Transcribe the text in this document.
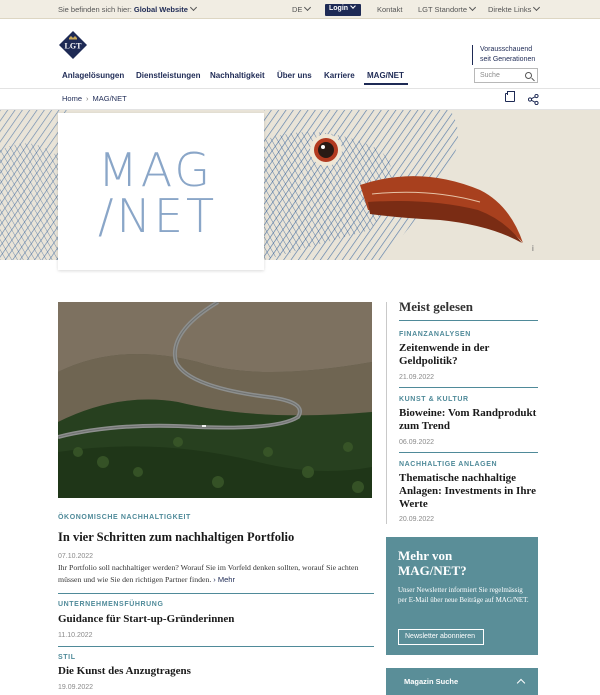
Sie befinden sich hier: Global Website	DE	Login	Kontakt LGT Standorte	Direkte Links
LGT	Vorausschauend
seit Generationen
Anlagelösungen Dienstleistungen Nachhaltigkeit Über uns Karriere MAG/NET	Suche
Home › MAG/NET
i
MAG
/NET
ÖKONOMISCHE NACHHALTIGKEIT
In vier Schritten zum nachhaltigen Portfolio
07.10.2022
Ihr Portfolio soll nachhaltiger werden? Worauf Sie im Vorfeld denken sollten, worauf Sie achten müssen und wie Sie den richtigen Partner finden. › Mehr
UNTERNEHMENSFÜHRUNG
Guidance für Start-up-Gründerinnen
11.10.2022
STIL
Die Kunst des Anzugtragens
19.09.2022
Meist gelesen
FINANZANALYSEN
Zeitenwende in der Geldpolitik?
21.09.2022
KUNST & KULTUR
Bioweine: Vom Randprodukt zum Trend
06.09.2022
NACHHALTIGE ANLAGEN
Thematische nachhaltige Anlagen: Investments in Ihre Werte
20.09.2022
Mehr von MAG/NET?
Unser Newsletter informiert Sie regelmässig per E-Mail über neue Beiträge auf MAG/NET.
Newsletter abonnieren
Magazin Suche
